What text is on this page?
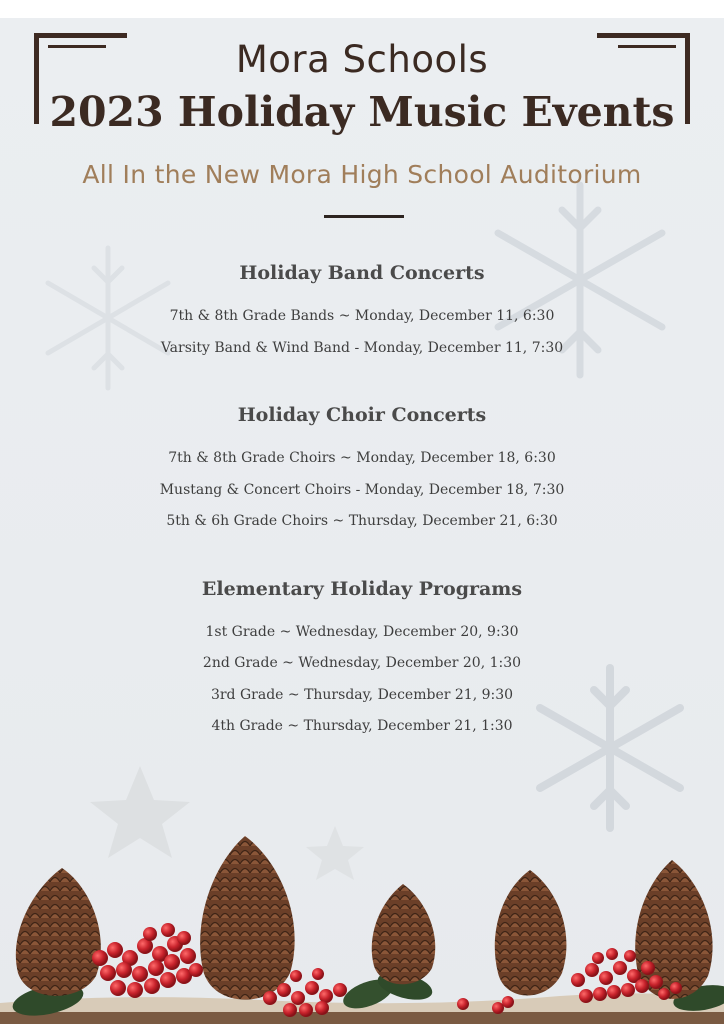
Mora Schools
2023 Holiday Music Events
All In the New Mora High School Auditorium
Holiday Band Concerts
7th & 8th Grade Bands ~ Monday, December 11, 6:30
Varsity Band & Wind Band - Monday, December 11, 7:30
Holiday Choir Concerts
7th & 8th Grade Choirs ~ Monday, December 18, 6:30
Mustang & Concert Choirs - Monday, December 18, 7:30
5th & 6h Grade Choirs ~ Thursday, December 21, 6:30
Elementary Holiday Programs
1st Grade ~ Wednesday, December 20, 9:30
2nd Grade ~ Wednesday, December 20, 1:30
3rd Grade ~ Thursday, December 21, 9:30
4th Grade ~ Thursday, December 21, 1:30
